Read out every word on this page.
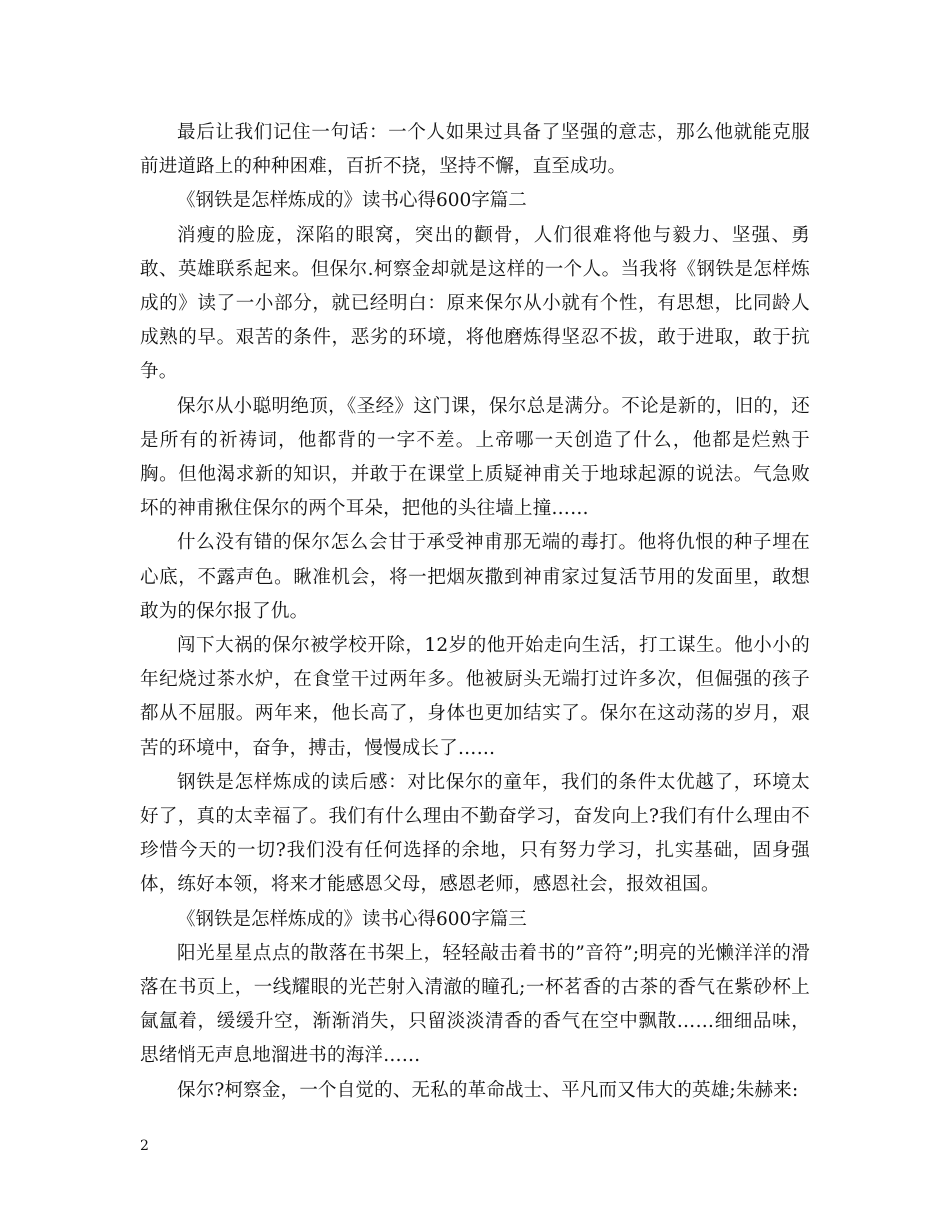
最后让我们记住一句话：一个人如果过具备了坚强的意志，那么他就能克服前进道路上的种种困难，百折不挠，坚持不懈，直至成功。

《钢铁是怎样炼成的》读书心得600字篇二

消瘦的脸庞，深陷的眼窝，突出的颧骨，人们很难将他与毅力、坚强、勇敢、英雄联系起来。但保尔.柯察金却就是这样的一个人。当我将《钢铁是怎样炼成的》读了一小部分，就已经明白：原来保尔从小就有个性，有思想，比同龄人成熟的早。艰苦的条件，恶劣的环境，将他磨炼得坚忍不拔，敢于进取，敢于抗争。

保尔从小聪明绝顶，《圣经》这门课，保尔总是满分。不论是新的，旧的，还是所有的祈祷词，他都背的一字不差。上帝哪一天创造了什么，他都是烂熟于胸。但他渴求新的知识，并敢于在课堂上质疑神甫关于地球起源的说法。气急败坏的神甫揪住保尔的两个耳朵，把他的头往墙上撞……

什么没有错的保尔怎么会甘于承受神甫那无端的毒打。他将仇恨的种子埋在心底，不露声色。瞅准机会，将一把烟灰撒到神甫家过复活节用的发面里，敢想敢为的保尔报了仇。

闯下大祸的保尔被学校开除，12岁的他开始走向生活，打工谋生。他小小的年纪烧过茶水炉，在食堂干过两年多。他被厨头无端打过许多次，但倔强的孩子都从不屈服。两年来，他长高了，身体也更加结实了。保尔在这动荡的岁月，艰苦的环境中，奋争，搏击，慢慢成长了……

钢铁是怎样炼成的读后感：对比保尔的童年，我们的条件太优越了，环境太好了，真的太幸福了。我们有什么理由不勤奋学习，奋发向上?我们有什么理由不珍惜今天的一切?我们没有任何选择的余地，只有努力学习，扎实基础，固身强体，练好本领，将来才能感恩父母，感恩老师，感恩社会，报效祖国。

《钢铁是怎样炼成的》读书心得600字篇三

阳光星星点点的散落在书架上，轻轻敲击着书的”音符”;明亮的光懒洋洋的滑落在书页上，一线耀眼的光芒射入清澈的瞳孔;一杯茗香的古茶的香气在紫砂杯上氤氲着，缓缓升空，渐渐消失，只留淡淡清香的香气在空中飘散……细细品味，思绪悄无声息地溜进书的海洋……

保尔?柯察金，一个自觉的、无私的革命战士、平凡而又伟大的英雄;朱赫来:

2
